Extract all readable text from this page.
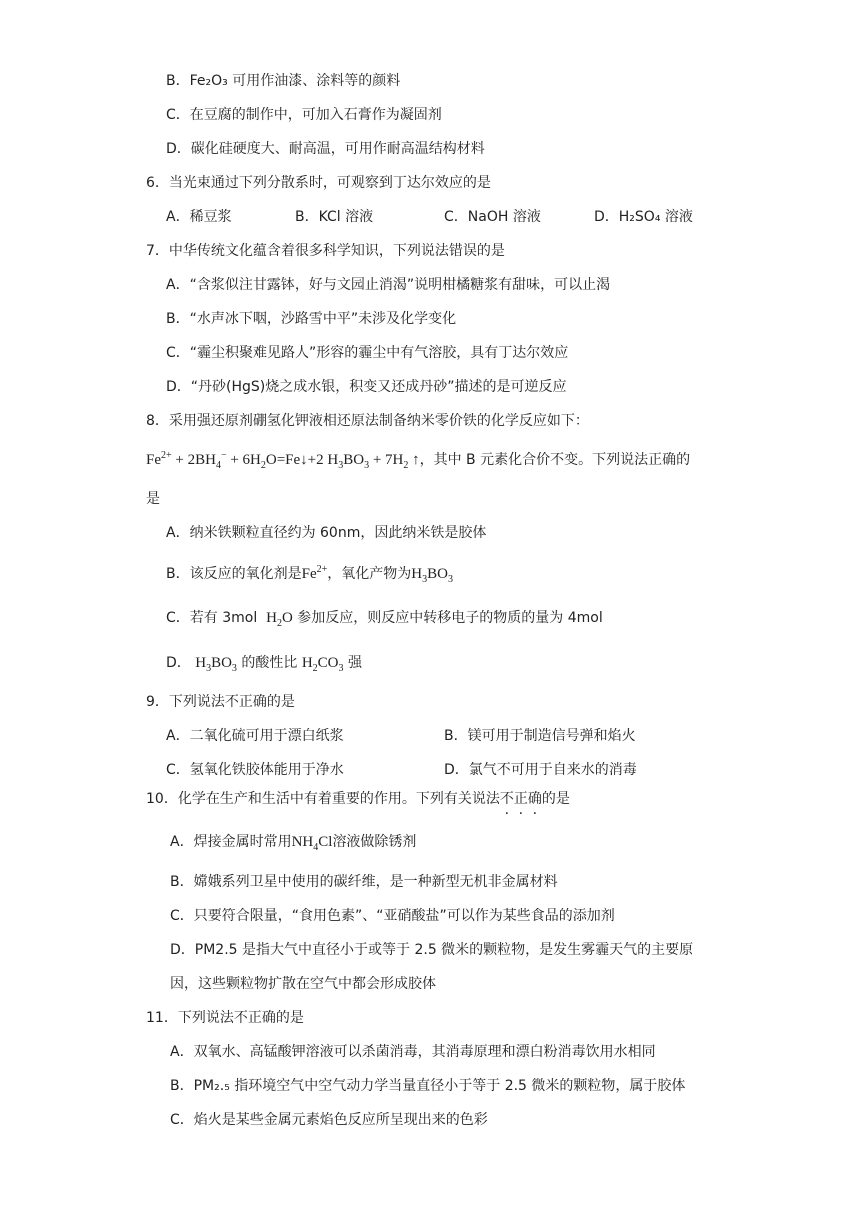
B．Fe₂O₃ 可用作油漆、涂料等的颜料
C．在豆腐的制作中，可加入石膏作为凝固剂
D．碳化硅硬度大、耐高温，可用作耐高温结构材料
6．当光束通过下列分散系时，可观察到丁达尔效应的是
A．稀豆浆	B．KCl 溶液	C．NaOH 溶液	D．H₂SO₄ 溶液
7．中华传统文化蕴含着很多科学知识，下列说法错误的是
A．“含浆似注甘露钵，好与文园止消渴”说明柑橘糖浆有甜味，可以止渴
B．“水声冰下咽，沙路雪中平”未涉及化学变化
C．“霾尘积聚难见路人”形容的霾尘中有气溶胶，具有丁达尔效应
D．“丹砂(HgS)烧之成水银，积变又还成丹砂”描述的是可逆反应
8．采用强还原剂硼氢化钾液相还原法制备纳米零价铁的化学反应如下：
$Fe^{2+} + 2BH_4^-$ + $6H_2O=Fe↓+2$ $H_3BO_3 + 7H_2$ ↑，其中 B 元素化合价不变。下列说法正确的
是
A．纳米铁颗粒直径约为 60nm，因此纳米铁是胶体
B．该反应的氧化剂是$Fe^{2+}$，氧化产物为$H_3BO_3$
C．若有 3mol $H_2O$ 参加反应，则反应中转移电子的物质的量为 4mol
D． $H_3BO_3$ 的酸性比 $H_2CO_3$ 强
9．下列说法不正确的是
A．二氧化硫可用于漂白纸浆	B．镁可用于制造信号弹和焰火
C．氢氧化铁胶体能用于净水	D．氯气不可用于自来水的消毒
10．化学在生产和生活中有着重要的作用。下列有关说法不正确的是
A．焊接金属时常用$NH_4Cl$溶液做除锈剂
B．嫦娥系列卫星中使用的碳纤维，是一种新型无机非金属材料
C．只要符合限量，“食用色素”、“亚硝酸盐”可以作为某些食品的添加剂
D．PM2.5 是指大气中直径小于或等于 2.5 微米的颗粒物，是发生雾霾天气的主要原
因，这些颗粒物扩散在空气中都会形成胶体
11．下列说法不正确的是
A．双氧水、高锰酸钾溶液可以杀菌消毒，其消毒原理和漂白粉消毒饮用水相同
B．PM₂.₅ 指环境空气中空气动力学当量直径小于等于 2.5 微米的颗粒物，属于胶体
C．焰火是某些金属元素焰色反应所呈现出来的色彩
